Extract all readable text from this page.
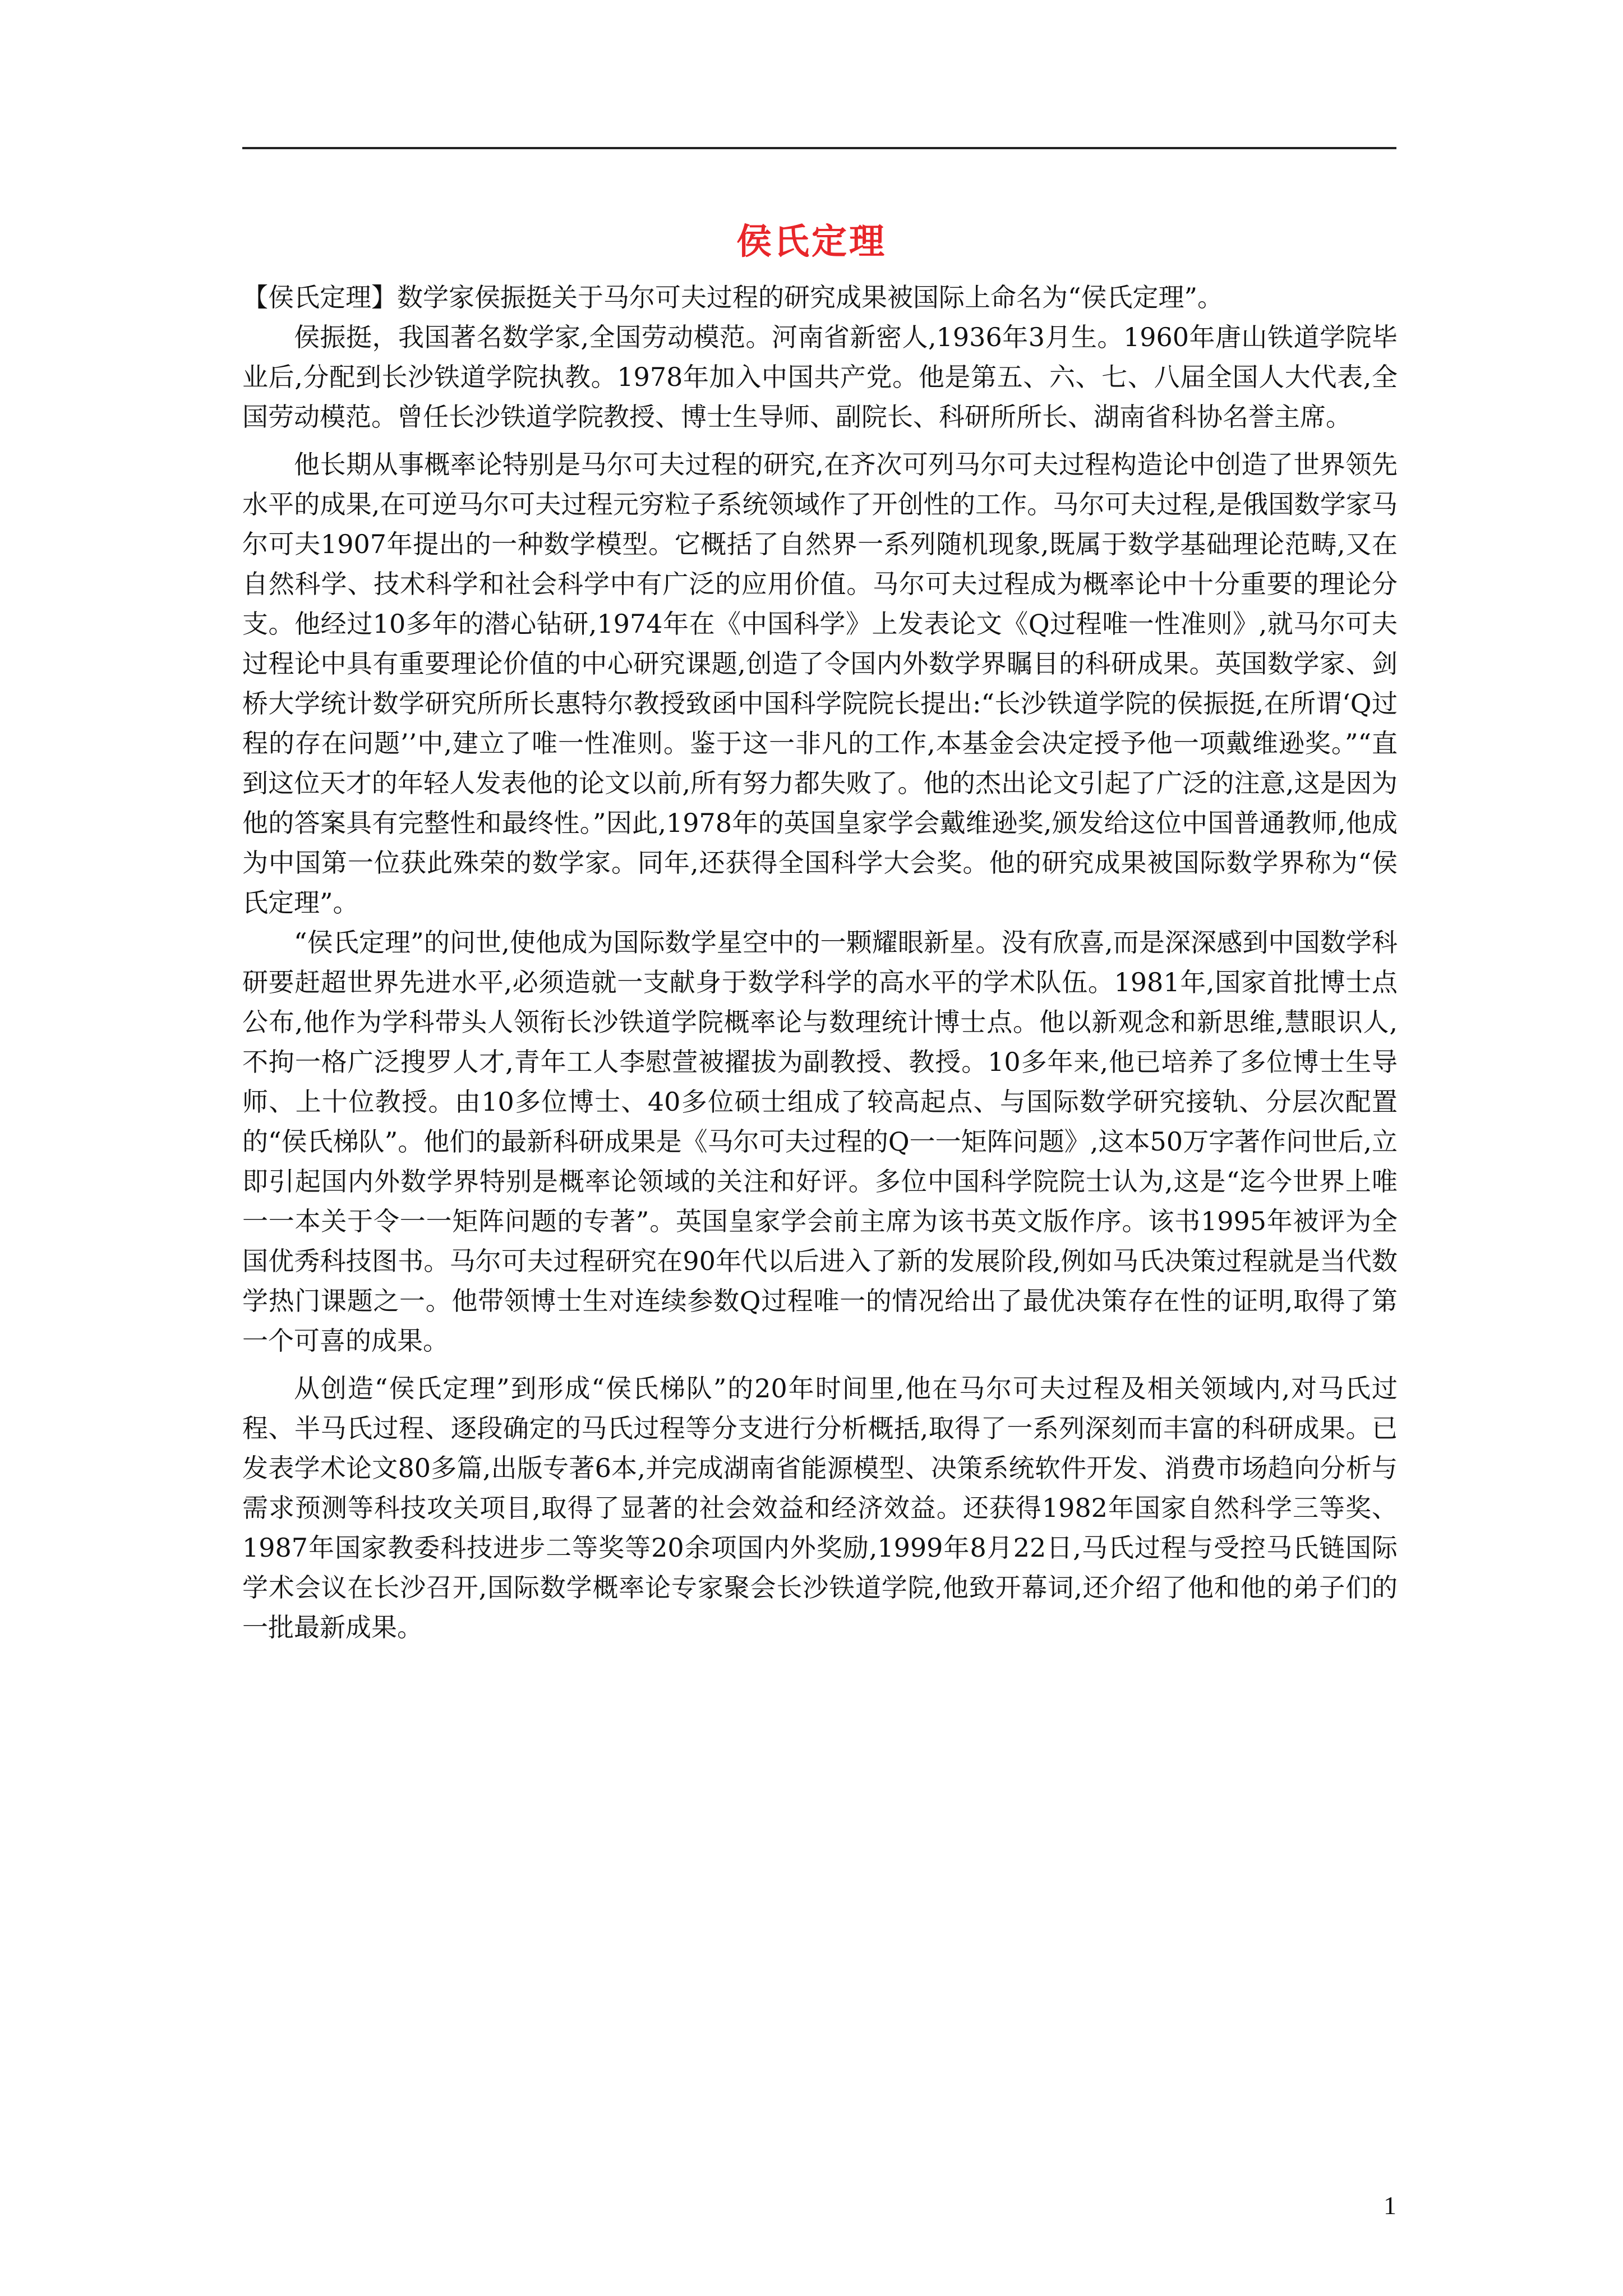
侯氏定理

【侯氏定理】数学家侯振挺关于马尔可夫过程的研究成果被国际上命名为“侯氏定理”。

侯振挺，我国著名数学家,全国劳动模范。河南省新密人,1936年3月生。1960年唐山铁道学院毕业后,分配到长沙铁道学院执教。1978年加入中国共产党。他是第五、六、七、八届全国人大代表,全国劳动模范。曾任长沙铁道学院教授、博士生导师、副院长、科研所所长、湖南省科协名誉主席。

他长期从事概率论特别是马尔可夫过程的研究,在齐次可列马尔可夫过程构造论中创造了世界领先水平的成果,在可逆马尔可夫过程元穷粒子系统领域作了开创性的工作。马尔可夫过程,是俄国数学家马尔可夫1907年提出的一种数学模型。它概括了自然界一系列随机现象,既属于数学基础理论范畴,又在自然科学、技术科学和社会科学中有广泛的应用价值。马尔可夫过程成为概率论中十分重要的理论分支。他经过10多年的潜心钻研,1974年在《中国科学》上发表论文《Q过程唯一性准则》,就马尔可夫过程论中具有重要理论价值的中心研究课题,创造了令国内外数学界瞩目的科研成果。英国数学家、剑桥大学统计数学研究所所长惠特尔教授致函中国科学院院长提出:“长沙铁道学院的侯振挺,在所谓‘Q过程的存在问题’’中,建立了唯一性准则。鉴于这一非凡的工作,本基金会决定授予他一项戴维逊奖。”“直到这位天才的年轻人发表他的论文以前,所有努力都失败了。他的杰出论文引起了广泛的注意,这是因为他的答案具有完整性和最终性。”因此,1978年的英国皇家学会戴维逊奖,颁发给这位中国普通教师,他成为中国第一位获此殊荣的数学家。同年,还获得全国科学大会奖。他的研究成果被国际数学界称为“侯氏定理”。

“侯氏定理”的问世,使他成为国际数学星空中的一颗耀眼新星。没有欣喜,而是深深感到中国数学科研要赶超世界先进水平,必须造就一支献身于数学科学的高水平的学术队伍。1981年,国家首批博士点公布,他作为学科带头人领衔长沙铁道学院概率论与数理统计博士点。他以新观念和新思维,慧眼识人,不拘一格广泛搜罗人才,青年工人李慰萱被擢拔为副教授、教授。10多年来,他已培养了多位博士生导师、上十位教授。由10多位博士、40多位硕士组成了较高起点、与国际数学研究接轨、分层次配置的“侯氏梯队”。他们的最新科研成果是《马尔可夫过程的Q一一矩阵问题》,这本50万字著作问世后,立即引起国内外数学界特别是概率论领域的关注和好评。多位中国科学院院士认为,这是“迄今世界上唯一一本关于令一一矩阵问题的专著”。英国皇家学会前主席为该书英文版作序。该书1995年被评为全国优秀科技图书。马尔可夫过程研究在90年代以后进入了新的发展阶段,例如马氏决策过程就是当代数学热门课题之一。他带领博士生对连续参数Q过程唯一的情况给出了最优决策存在性的证明,取得了第一个可喜的成果。

从创造“侯氏定理”到形成“侯氏梯队”的20年时间里,他在马尔可夫过程及相关领域内,对马氏过程、半马氏过程、逐段确定的马氏过程等分支进行分析概括,取得了一系列深刻而丰富的科研成果。已发表学术论文80多篇,出版专著6本,并完成湖南省能源模型、决策系统软件开发、消费市场趋向分析与需求预测等科技攻关项目,取得了显著的社会效益和经济效益。还获得1982年国家自然科学三等奖、1987年国家教委科技进步二等奖等20余项国内外奖励,1999年8月22日,马氏过程与受控马氏链国际学术会议在长沙召开,国际数学概率论专家聚会长沙铁道学院,他致开幕词,还介绍了他和他的弟子们的一批最新成果。

1
